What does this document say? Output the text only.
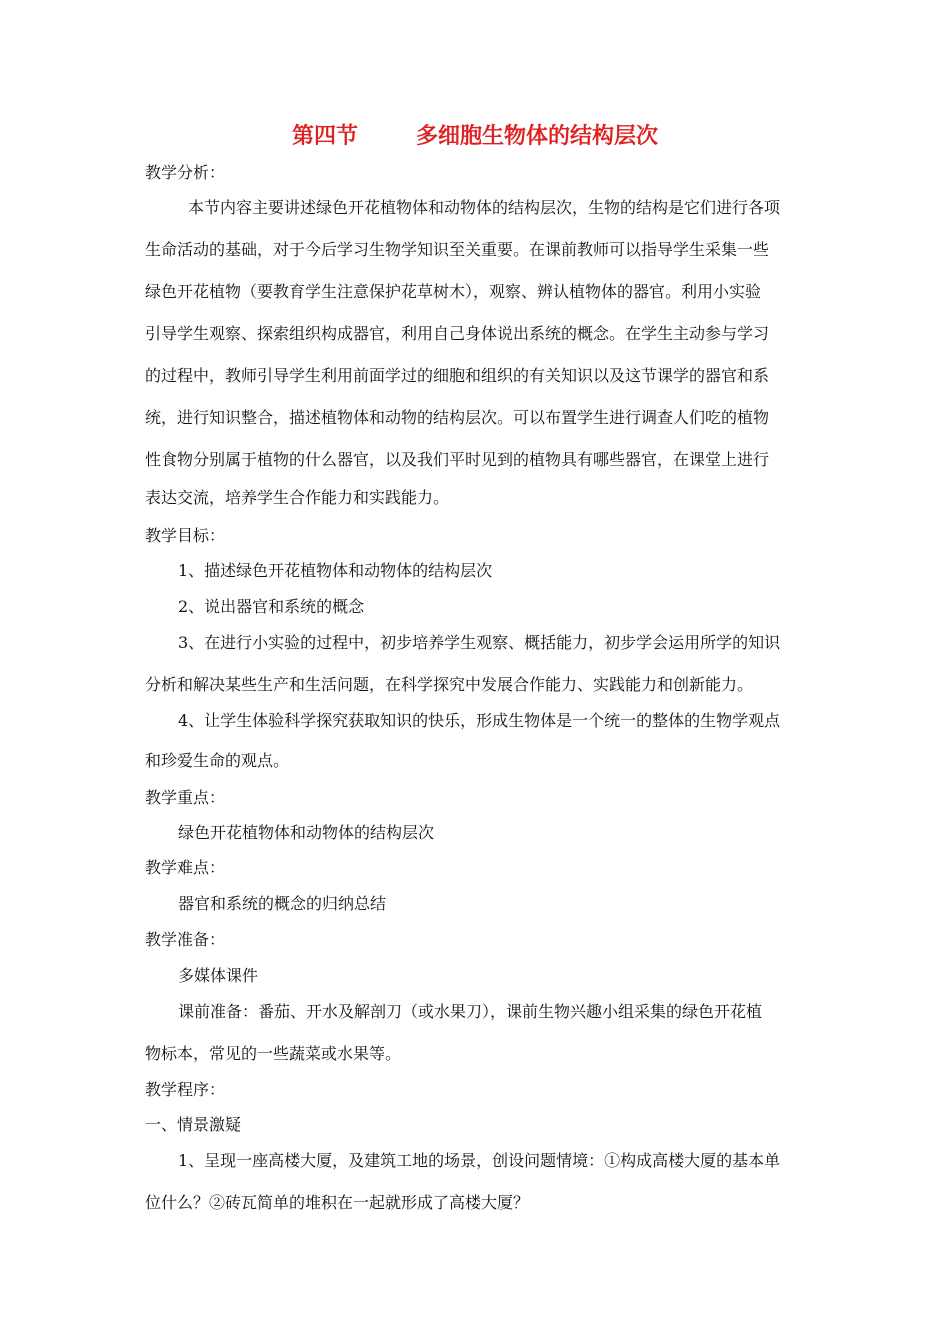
第四节	多细胞生物体的结构层次
教学分析：
本节内容主要讲述绿色开花植物体和动物体的结构层次，生物的结构是它们进行各项
生命活动的基础，对于今后学习生物学知识至关重要。在课前教师可以指导学生采集一些
绿色开花植物（要教育学生注意保护花草树木），观察、辨认植物体的器官。利用小实验
引导学生观察、探索组织构成器官，利用自己身体说出系统的概念。在学生主动参与学习
的过程中，教师引导学生利用前面学过的细胞和组织的有关知识以及这节课学的器官和系
统，进行知识整合，描述植物体和动物的结构层次。可以布置学生进行调查人们吃的植物
性食物分别属于植物的什么器官，以及我们平时见到的植物具有哪些器官，在课堂上进行
表达交流，培养学生合作能力和实践能力。
教学目标：
1、描述绿色开花植物体和动物体的结构层次
2、说出器官和系统的概念
3、在进行小实验的过程中，初步培养学生观察、概括能力，初步学会运用所学的知识
分析和解决某些生产和生活问题，在科学探究中发展合作能力、实践能力和创新能力。
4、让学生体验科学探究获取知识的快乐，形成生物体是一个统一的整体的生物学观点
和珍爱生命的观点。
教学重点：
绿色开花植物体和动物体的结构层次
教学难点：
器官和系统的概念的归纳总结
教学准备：
多媒体课件
课前准备：番茄、开水及解剖刀（或水果刀），课前生物兴趣小组采集的绿色开花植
物标本，常见的一些蔬菜或水果等。
教学程序：
一、情景激疑
1、呈现一座高楼大厦，及建筑工地的场景，创设问题情境：①构成高楼大厦的基本单
位什么？②砖瓦简单的堆积在一起就形成了高楼大厦？
